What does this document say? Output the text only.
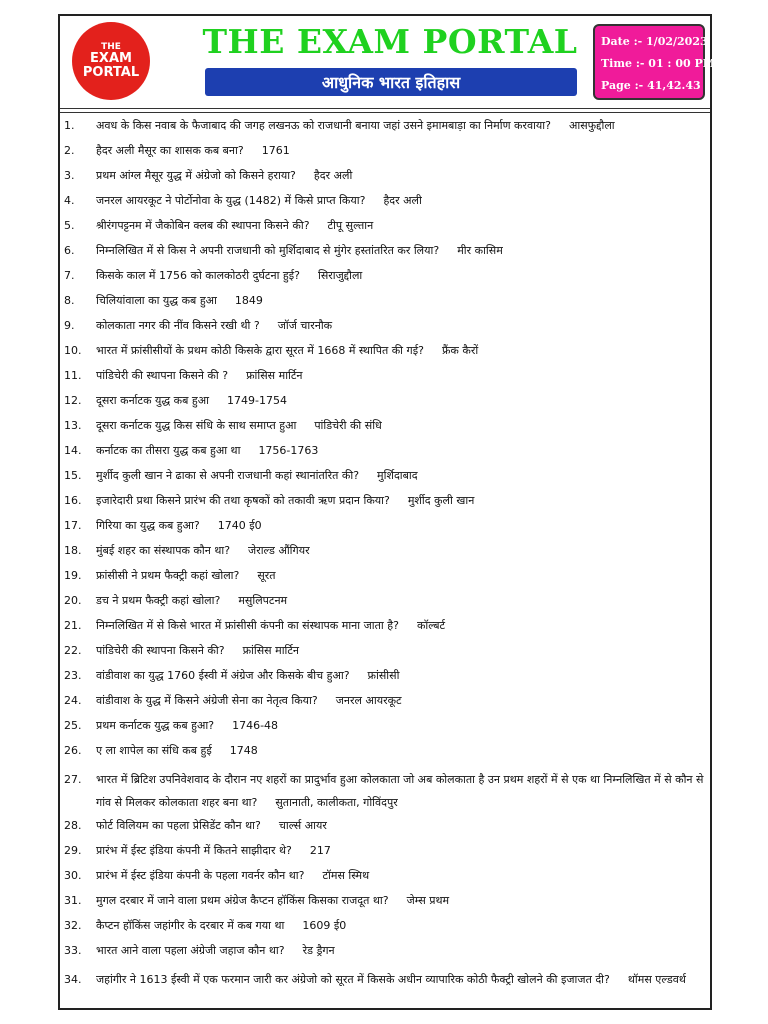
THE
EXAM
PORTAL
THE EXAM PORTAL
आधुनिक भारत इतिहास
Date :- 1/02/2023
Time :- 01 : 00 PM
Page :- 41,42.43
1.	अवध के किस नवाब के फैजाबाद की जगह लखनऊ को राजधानी बनाया जहां उसने इमामबाड़ा का निर्माण करवाया? आसफुद्दौला
2.	हैदर अली मैसूर का शासक कब बना? 1761
3.	प्रथम आंग्ल मैसूर युद्ध में अंग्रेजो को किसने हराया? हैदर अली
4.	जनरल आयरकूट ने पोर्टोनोवा के युद्ध (1482) में किसे प्राप्त किया? हैदर अली
5.	श्रीरंगपट्टनम में जैकोबिन क्लब की स्थापना किसने की? टीपू सुल्तान
6.	निम्नलिखित में से किस ने अपनी राजधानी को मुर्शिदाबाद से मुंगेर हस्तांतरित कर लिया? मीर कासिम
7.	किसके काल में 1756 को कालकोठरी दुर्घटना हुई? सिराजुद्दौला
8.	चिलियांवाला का युद्ध कब हुआ 1849
9.	कोलकाता नगर की नींव किसने रखी थी ? जॉर्ज चारनौक
10.	भारत में फ्रांसीसीयों के प्रथम कोठी किसके द्वारा सूरत में 1668 में स्थापित की गई? फ्रैंक कैरों
11.	पांडिचेरी की स्थापना किसने की ? फ्रांसिस मार्टिन
12.	दूसरा कर्नाटक युद्ध कब हुआ 1749-1754
13.	दूसरा कर्नाटक युद्ध किस संधि के साथ समाप्त हुआ पांडिचेरी की संधि
14.	कर्नाटक का तीसरा युद्ध कब हुआ था 1756-1763
15.	मुर्शीद कुली खान ने ढाका से अपनी राजधानी कहां स्थानांतरित की? मुर्शिदाबाद
16.	इजारेदारी प्रथा किसने प्रारंभ की तथा कृषकों को तकावी ऋण प्रदान किया? मुर्शीद कुली खान
17.	गिरिया का युद्ध कब हुआ? 1740 ई0
18.	मुंबई शहर का संस्थापक कौन था? जेराल्ड औंगियर
19.	फ्रांसीसी ने प्रथम फैक्ट्री कहां खोला? सूरत
20.	डच ने प्रथम फैक्ट्री कहां खोला? मसुलिपटनम
21.	निम्नलिखित में से किसे भारत में फ्रांसीसी कंपनी का संस्थापक माना जाता है? कॉल्बर्ट
22.	पांडिचेरी की स्थापना किसने की? फ्रांसिस मार्टिन
23.	वांडीवाश का युद्ध 1760 ईस्वी में अंग्रेज और किसके बीच हुआ? फ्रांसीसी
24.	वांडीवाश के युद्ध में किसने अंग्रेजी सेना का नेतृत्व किया? जनरल आयरकूट
25.	प्रथम कर्नाटक युद्ध कब हुआ? 1746-48
26.	ए ला शापेल का संधि कब हुई 1748
27.	भारत में ब्रिटिश उपनिवेशवाद के दौरान नए शहरों का प्रादुर्भाव हुआ कोलकाता जो अब कोलकाता है उन प्रथम शहरों में से एक था निम्नलिखित में से कौन से गांव से मिलकर कोलकाता शहर बना था? सुतानाती, कालीकता, गोविंदपुर
28.	फोर्ट विलियम का पहला प्रेसिडेंट कौन था? चार्ल्स आयर
29.	प्रारंभ में ईस्ट इंडिया कंपनी में कितने साझीदार थे? 217
30.	प्रारंभ में ईस्ट इंडिया कंपनी के पहला गवर्नर कौन था? टॉमस स्मिथ
31.	मुगल दरबार में जाने वाला प्रथम अंग्रेज कैप्टन हॉकिंस किसका राजदूत था? जेम्स प्रथम
32.	कैप्टन हॉकिंस जहांगीर के दरबार में कब गया था 1609 ई0
33.	भारत आने वाला पहला अंग्रेजी जहाज कौन था? रेड ड्रैगन
34.	जहांगीर ने 1613 ईस्वी में एक फरमान जारी कर अंग्रेजो को सूरत में किसके अधीन व्यापारिक कोठी फैक्ट्री खोलने की इजाजत दी? थॉमस एल्डवर्थ
